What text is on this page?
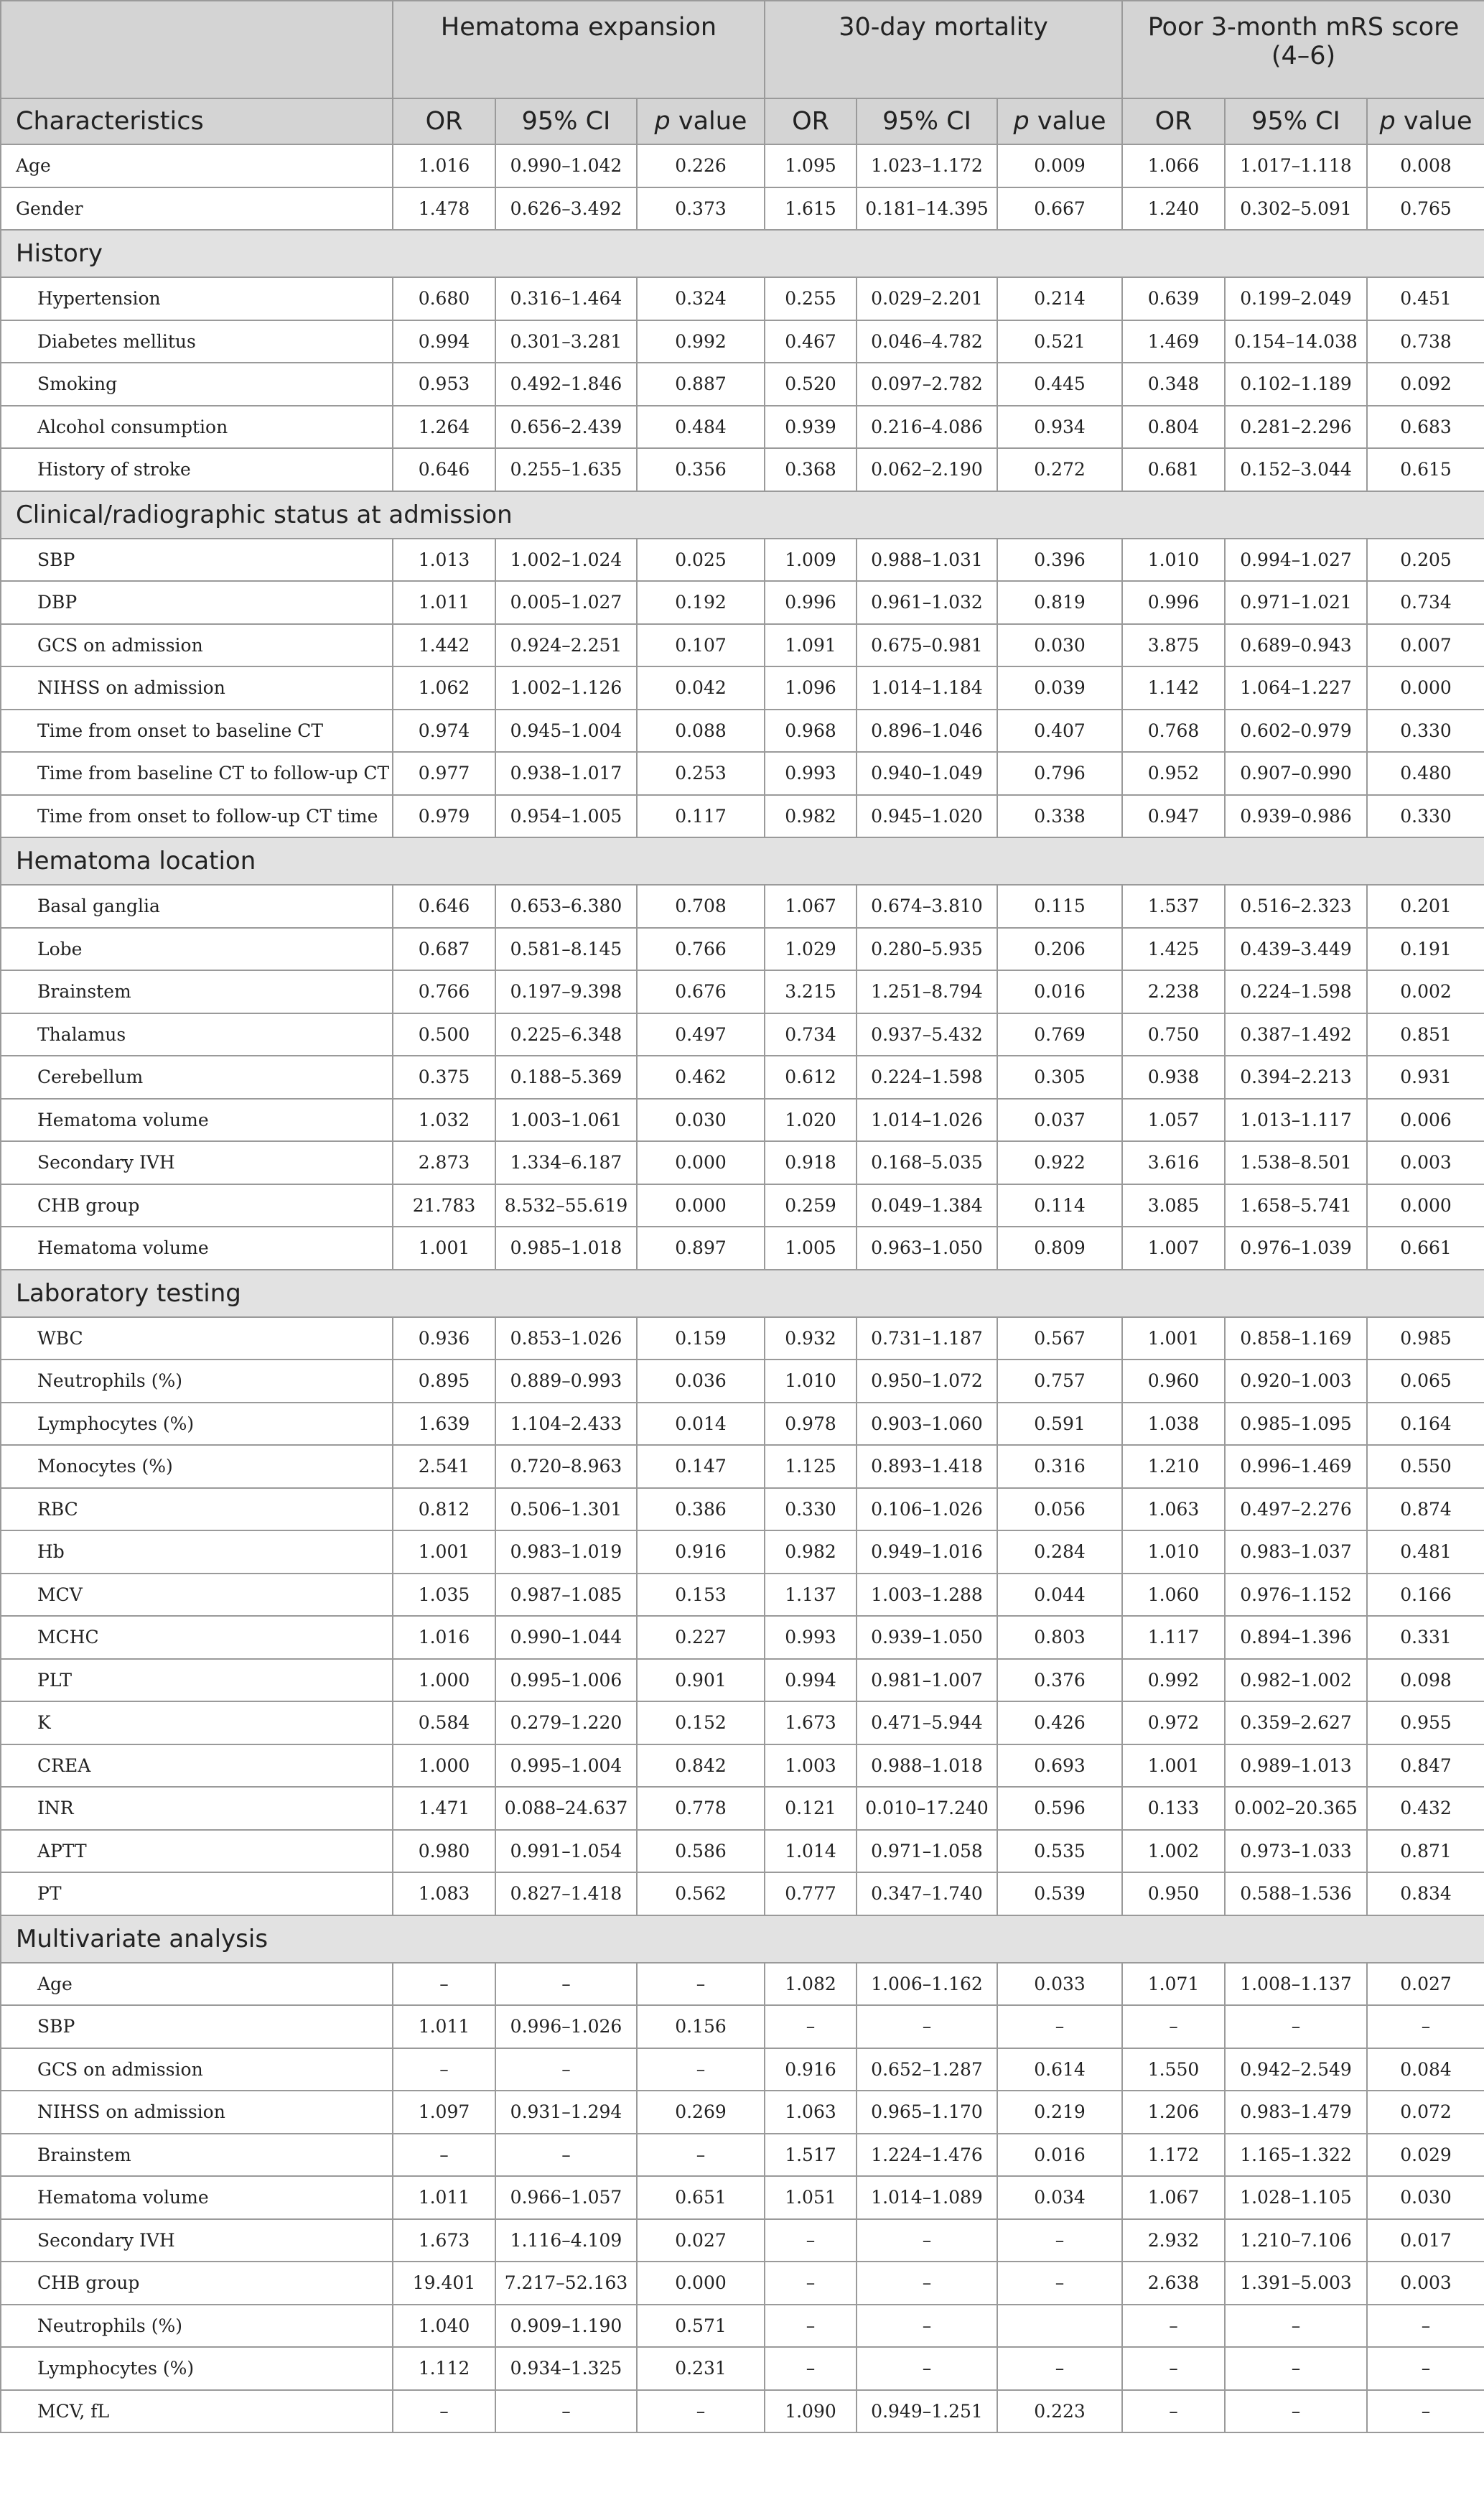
	Hematoma expansion			30-day mortality			Poor 3-month mRS score (4–6)		
Characteristics	OR	95% CI	p value	OR	95% CI	p value	OR	95% CI	p value
Age	1.016	0.990–1.042	0.226	1.095	1.023–1.172	0.009	1.066	1.017–1.118	0.008
Gender	1.478	0.626–3.492	0.373	1.615	0.181–14.395	0.667	1.240	0.302–5.091	0.765
History									
Hypertension	0.680	0.316–1.464	0.324	0.255	0.029–2.201	0.214	0.639	0.199–2.049	0.451
Diabetes mellitus	0.994	0.301–3.281	0.992	0.467	0.046–4.782	0.521	1.469	0.154–14.038	0.738
Smoking	0.953	0.492–1.846	0.887	0.520	0.097–2.782	0.445	0.348	0.102–1.189	0.092
Alcohol consumption	1.264	0.656–2.439	0.484	0.939	0.216–4.086	0.934	0.804	0.281–2.296	0.683
History of stroke	0.646	0.255–1.635	0.356	0.368	0.062–2.190	0.272	0.681	0.152–3.044	0.615
Clinical/radiographic status at admission									
SBP	1.013	1.002–1.024	0.025	1.009	0.988–1.031	0.396	1.010	0.994–1.027	0.205
DBP	1.011	0.005–1.027	0.192	0.996	0.961–1.032	0.819	0.996	0.971–1.021	0.734
GCS on admission	1.442	0.924–2.251	0.107	1.091	0.675–0.981	0.030	3.875	0.689–0.943	0.007
NIHSS on admission	1.062	1.002–1.126	0.042	1.096	1.014–1.184	0.039	1.142	1.064–1.227	0.000
Time from onset to baseline CT	0.974	0.945–1.004	0.088	0.968	0.896–1.046	0.407	0.768	0.602–0.979	0.330
Time from baseline CT to follow-up CT	0.977	0.938–1.017	0.253	0.993	0.940–1.049	0.796	0.952	0.907–0.990	0.480
Time from onset to follow-up CT time	0.979	0.954–1.005	0.117	0.982	0.945–1.020	0.338	0.947	0.939–0.986	0.330
Hematoma location									
Basal ganglia	0.646	0.653–6.380	0.708	1.067	0.674–3.810	0.115	1.537	0.516–2.323	0.201
Lobe	0.687	0.581–8.145	0.766	1.029	0.280–5.935	0.206	1.425	0.439–3.449	0.191
Brainstem	0.766	0.197–9.398	0.676	3.215	1.251–8.794	0.016	2.238	0.224–1.598	0.002
Thalamus	0.500	0.225–6.348	0.497	0.734	0.937–5.432	0.769	0.750	0.387–1.492	0.851
Cerebellum	0.375	0.188–5.369	0.462	0.612	0.224–1.598	0.305	0.938	0.394–2.213	0.931
Hematoma volume	1.032	1.003–1.061	0.030	1.020	1.014–1.026	0.037	1.057	1.013–1.117	0.006
Secondary IVH	2.873	1.334–6.187	0.000	0.918	0.168–5.035	0.922	3.616	1.538–8.501	0.003
CHB group	21.783	8.532–55.619	0.000	0.259	0.049–1.384	0.114	3.085	1.658–5.741	0.000
Hematoma volume	1.001	0.985–1.018	0.897	1.005	0.963–1.050	0.809	1.007	0.976–1.039	0.661
Laboratory testing									
WBC	0.936	0.853–1.026	0.159	0.932	0.731–1.187	0.567	1.001	0.858–1.169	0.985
Neutrophils (%)	0.895	0.889–0.993	0.036	1.010	0.950–1.072	0.757	0.960	0.920–1.003	0.065
Lymphocytes (%)	1.639	1.104–2.433	0.014	0.978	0.903–1.060	0.591	1.038	0.985–1.095	0.164
Monocytes (%)	2.541	0.720–8.963	0.147	1.125	0.893–1.418	0.316	1.210	0.996–1.469	0.550
RBC	0.812	0.506–1.301	0.386	0.330	0.106–1.026	0.056	1.063	0.497–2.276	0.874
Hb	1.001	0.983–1.019	0.916	0.982	0.949–1.016	0.284	1.010	0.983–1.037	0.481
MCV	1.035	0.987–1.085	0.153	1.137	1.003–1.288	0.044	1.060	0.976–1.152	0.166
MCHC	1.016	0.990–1.044	0.227	0.993	0.939–1.050	0.803	1.117	0.894–1.396	0.331
PLT	1.000	0.995–1.006	0.901	0.994	0.981–1.007	0.376	0.992	0.982–1.002	0.098
K	0.584	0.279–1.220	0.152	1.673	0.471–5.944	0.426	0.972	0.359–2.627	0.955
CREA	1.000	0.995–1.004	0.842	1.003	0.988–1.018	0.693	1.001	0.989–1.013	0.847
INR	1.471	0.088–24.637	0.778	0.121	0.010–17.240	0.596	0.133	0.002–20.365	0.432
APTT	0.980	0.991–1.054	0.586	1.014	0.971–1.058	0.535	1.002	0.973–1.033	0.871
PT	1.083	0.827–1.418	0.562	0.777	0.347–1.740	0.539	0.950	0.588–1.536	0.834
Multivariate analysis									
Age	–	–	–	1.082	1.006–1.162	0.033	1.071	1.008–1.137	0.027
SBP	1.011	0.996–1.026	0.156	–	–	–	–	–	–
GCS on admission	–	–	–	0.916	0.652–1.287	0.614	1.550	0.942–2.549	0.084
NIHSS on admission	1.097	0.931–1.294	0.269	1.063	0.965–1.170	0.219	1.206	0.983–1.479	0.072
Brainstem	–	–	–	1.517	1.224–1.476	0.016	1.172	1.165–1.322	0.029
Hematoma volume	1.011	0.966–1.057	0.651	1.051	1.014–1.089	0.034	1.067	1.028–1.105	0.030
Secondary IVH	1.673	1.116–4.109	0.027	–	–	–	2.932	1.210–7.106	0.017
CHB group	19.401	7.217–52.163	0.000	–	–	–	2.638	1.391–5.003	0.003
Neutrophils (%)	1.040	0.909–1.190	0.571	–	–		–	–	–
Lymphocytes (%)	1.112	0.934–1.325	0.231	–	–	–	–	–	–
MCV, fL	–	–	–	1.090	0.949–1.251	0.223	–	–	–
